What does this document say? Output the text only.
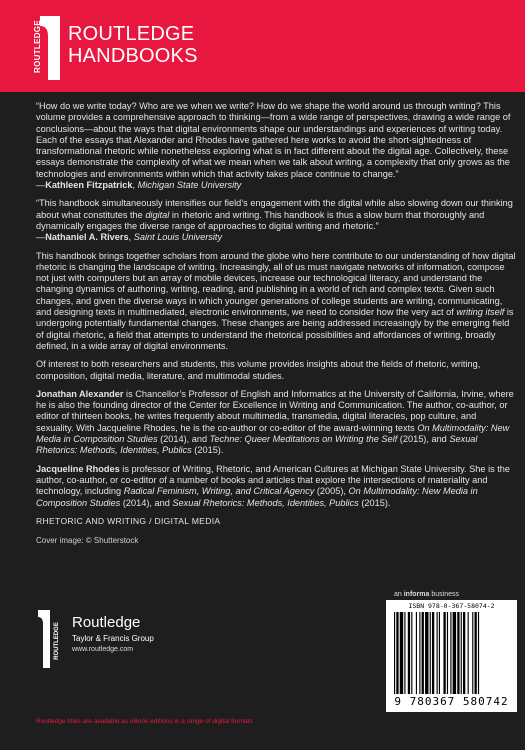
ROUTLEDGE ROUTLEDGE
HANDBOOKS

“How do we write today? Who are we when we write? How do we shape the world around us through writing? This volume provides a comprehensive approach to thinking—from a wide range of perspectives, drawing a wide range of conclusions—about the ways that digital environments shape our understandings and experiences of writing today. Each of the essays that Alexander and Rhodes have gathered here works to avoid the short-sightedness of transformational rhetoric while nonetheless exploring what is in fact different about the digital age. Collectively, these essays demonstrate the complexity of what we mean when we talk about writing, a complexity that only grows as the technologies and environments within which that activity takes place continue to change.”
—Kathleen Fitzpatrick, Michigan State University

“This handbook simultaneously intensifies our field’s engagement with the digital while also slowing down our thinking about what constitutes the digital in rhetoric and writing. This handbook is thus a slow burn that thoroughly and dynamically engages the diverse range of approaches to digital writing and rhetoric.”
—Nathaniel A. Rivers, Saint Louis University

This handbook brings together scholars from around the globe who here contribute to our understanding of how digital rhetoric is changing the landscape of writing. Increasingly, all of us must navigate networks of information, compose not just with computers but an array of mobile devices, increase our technological literacy, and understand the changing dynamics of authoring, writing, reading, and publishing in a world of rich and complex texts. Given such changes, and given the diverse ways in which younger generations of college students are writing, communicating, and designing texts in multimediated, electronic environments, we need to consider how the very act of writing itself is undergoing potentially fundamental changes. These changes are being addressed increasingly by the emerging field of digital rhetoric, a field that attempts to understand the rhetorical possibilities and affordances of writing, broadly defined, in a wide array of digital environments.

Of interest to both researchers and students, this volume provides insights about the fields of rhetoric, writing, composition, digital media, literature, and multimodal studies.

Jonathan Alexander is Chancellor’s Professor of English and Informatics at the University of California, Irvine, where he is also the founding director of the Center for Excellence in Writing and Communication. The author, co-author, or editor of thirteen books, he writes frequently about multimedia, transmedia, digital literacies, pop culture, and sexuality. With Jacqueline Rhodes, he is the co-author or co-editor of the award-winning texts On Multimodality: New Media in Composition Studies (2014), and Techne: Queer Meditations on Writing the Self (2015), and Sexual Rhetorics: Methods, Identities, Publics (2015).

Jacqueline Rhodes is professor of Writing, Rhetoric, and American Cultures at Michigan State University. She is the author, co-author, or co-editor of a number of books and articles that explore the intersections of materiality and technology, including Radical Feminism, Writing, and Critical Agency (2005), On Multimodality: New Media in Composition Studies (2014), and Sexual Rhetorics: Methods, Identities, Publics (2015).

RHETORIC AND WRITING / DIGITAL MEDIA

Cover image: © Shutterstock

an informa business
ROUTLEDGE Routledge
Taylor & Francis Group
www.routledge.com
ISBN 978-0-367-58074-2
9 780367 580742
Routledge titles are available as eBook editions in a range of digital formats
